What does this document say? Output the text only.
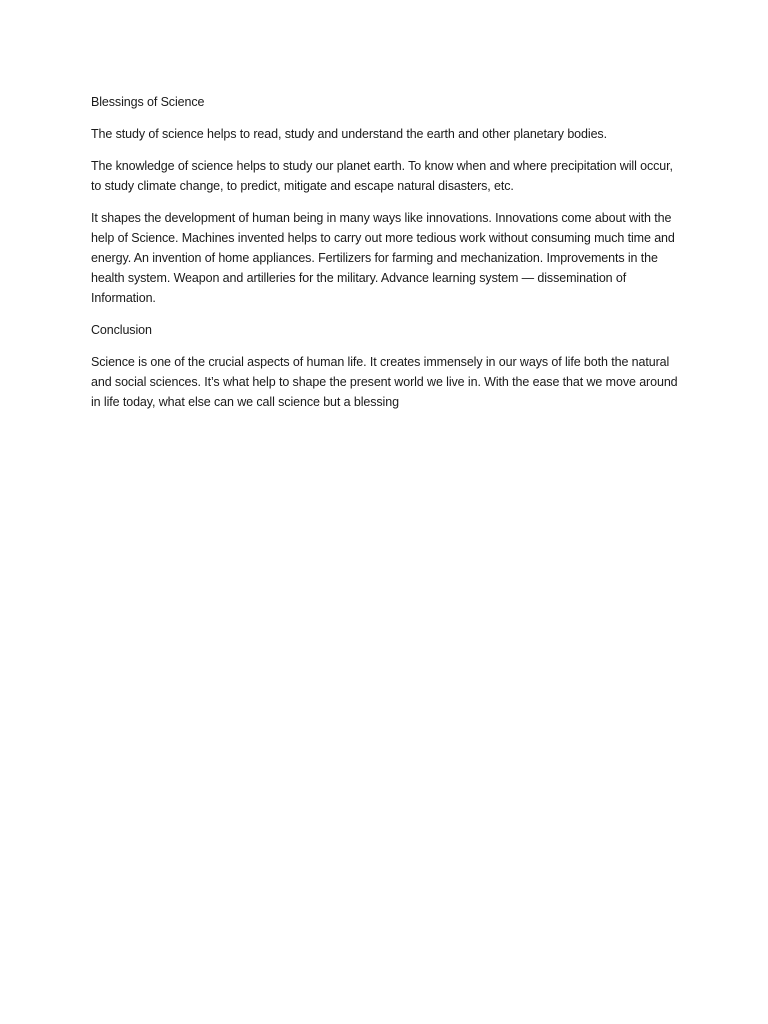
Blessings of Science

The study of science helps to read, study and understand the earth and other planetary bodies.

The knowledge of science helps to study our planet earth. To know when and where precipitation will occur, to study climate change, to predict, mitigate and escape natural disasters, etc.

It shapes the development of human being in many ways like innovations. Innovations come about with the help of Science. Machines invented helps to carry out more tedious work without consuming much time and energy. An invention of home appliances. Fertilizers for farming and mechanization. Improvements in the health system. Weapon and artilleries for the military. Advance learning system — dissemination of Information.

Conclusion

Science is one of the crucial aspects of human life. It creates immensely in our ways of life both the natural and social sciences. It’s what help to shape the present world we live in. With the ease that we move around in life today, what else can we call science but a blessing
